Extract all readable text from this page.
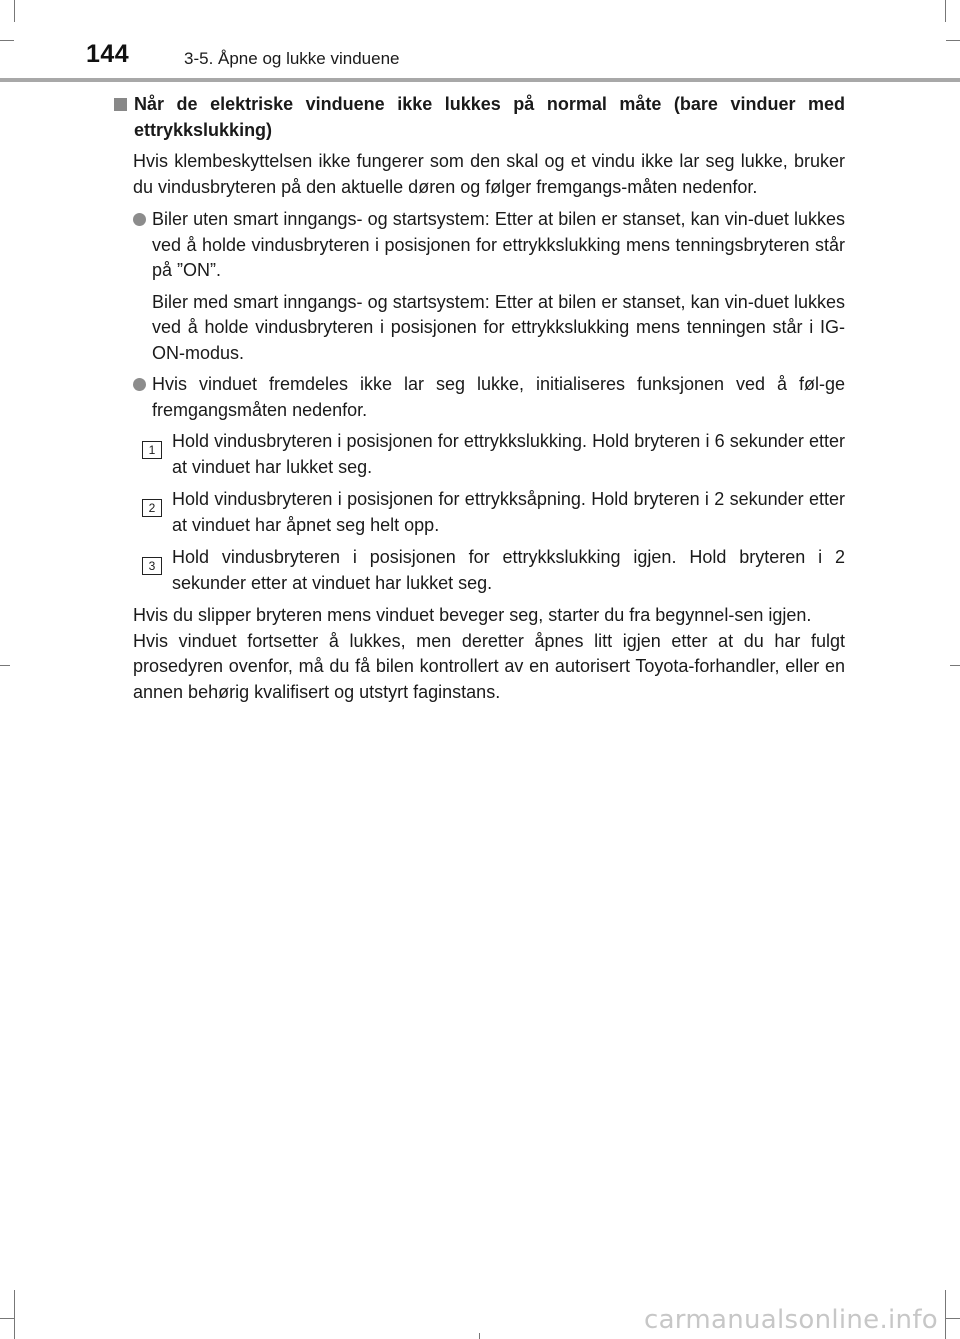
144	3-5. Åpne og lukke vinduene
Når de elektriske vinduene ikke lukkes på normal måte (bare vinduer med ettrykkslukking)

Hvis klembeskyttelsen ikke fungerer som den skal og et vindu ikke lar seg lukke, bruker du vindusbryteren på den aktuelle døren og følger fremgangs-måten nedenfor.

Biler uten smart inngangs- og startsystem: Etter at bilen er stanset, kan vin-duet lukkes ved å holde vindusbryteren i posisjonen for ettrykkslukking mens tenningsbryteren står på ”ON”.

Biler med smart inngangs- og startsystem: Etter at bilen er stanset, kan vin-duet lukkes ved å holde vindusbryteren i posisjonen for ettrykkslukking mens tenningen står i IG-ON-modus.

Hvis vinduet fremdeles ikke lar seg lukke, initialiseres funksjonen ved å føl-ge fremgangsmåten nedenfor.
1 Hold vindusbryteren i posisjonen for ettrykkslukking. Hold bryteren i 6 sekunder etter at vinduet har lukket seg.
2 Hold vindusbryteren i posisjonen for ettrykksåpning. Hold bryteren i 2 sekunder etter at vinduet har åpnet seg helt opp.
3 Hold vindusbryteren i posisjonen for ettrykkslukking igjen. Hold bryteren i 2 sekunder etter at vinduet har lukket seg.

Hvis du slipper bryteren mens vinduet beveger seg, starter du fra begynnel-sen igjen.

Hvis vinduet fortsetter å lukkes, men deretter åpnes litt igjen etter at du har fulgt prosedyren ovenfor, må du få bilen kontrollert av en autorisert Toyota-forhandler, eller en annen behørig kvalifisert og utstyrt faginstans.

carmanualsonline.info
